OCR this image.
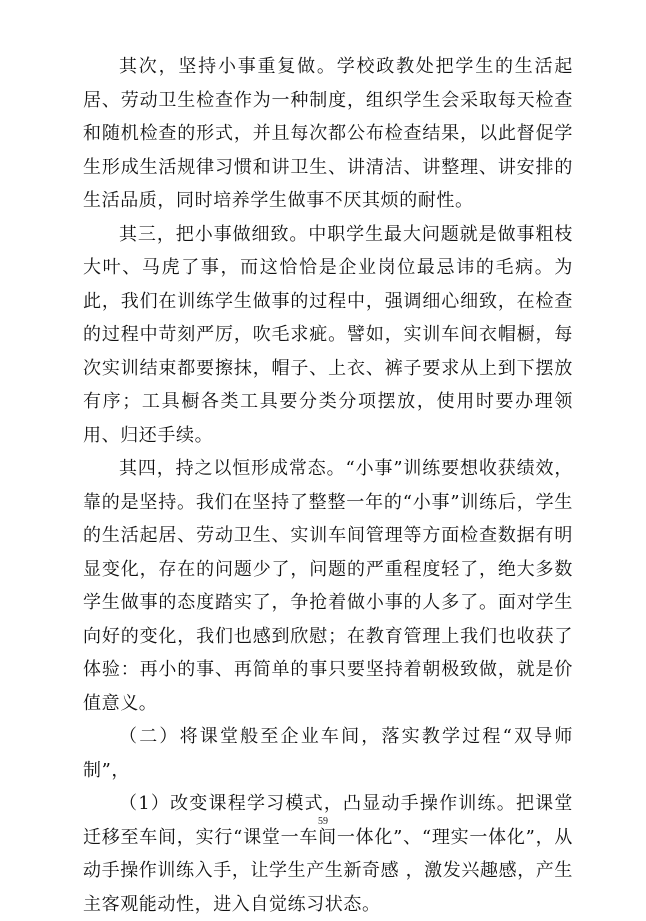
其次，坚持小事重复做。学校政教处把学生的生活起居、劳动卫生检查作为一种制度，组织学生会采取每天检查和随机检查的形式，并且每次都公布检查结果，以此督促学生形成生活规律习惯和讲卫生、讲清洁、讲整理、讲安排的生活品质，同时培养学生做事不厌其烦的耐性。

其三，把小事做细致。中职学生最大问题就是做事粗枝大叶、马虎了事，而这恰恰是企业岗位最忌讳的毛病。为此，我们在训练学生做事的过程中，强调细心细致，在检查的过程中苛刻严厉，吹毛求疵。譬如，实训车间衣帽橱，每次实训结束都要擦抹，帽子、上衣、裤子要求从上到下摆放有序；工具橱各类工具要分类分项摆放，使用时要办理领用、归还手续。

其四，持之以恒形成常态。“小事”训练要想收获绩效，靠的是坚持。我们在坚持了整整一年的“小事”训练后，学生的生活起居、劳动卫生、实训车间管理等方面检查数据有明显变化，存在的问题少了，问题的严重程度轻了，绝大多数学生做事的态度踏实了，争抢着做小事的人多了。面对学生向好的变化，我们也感到欣慰；在教育管理上我们也收获了体验：再小的事、再简单的事只要坚持着朝极致做，就是价值意义。

（二）将课堂般至企业车间，落实教学过程“双导师制”，

（1）改变课程学习模式，凸显动手操作训练。把课堂迁移至车间，实行“课堂一车间一体化”、“理实一体化”，从动手操作训练入手，让学生产生新奇感 ，激发兴趣感，产生主客观能动性，进入自觉练习状态。

59
